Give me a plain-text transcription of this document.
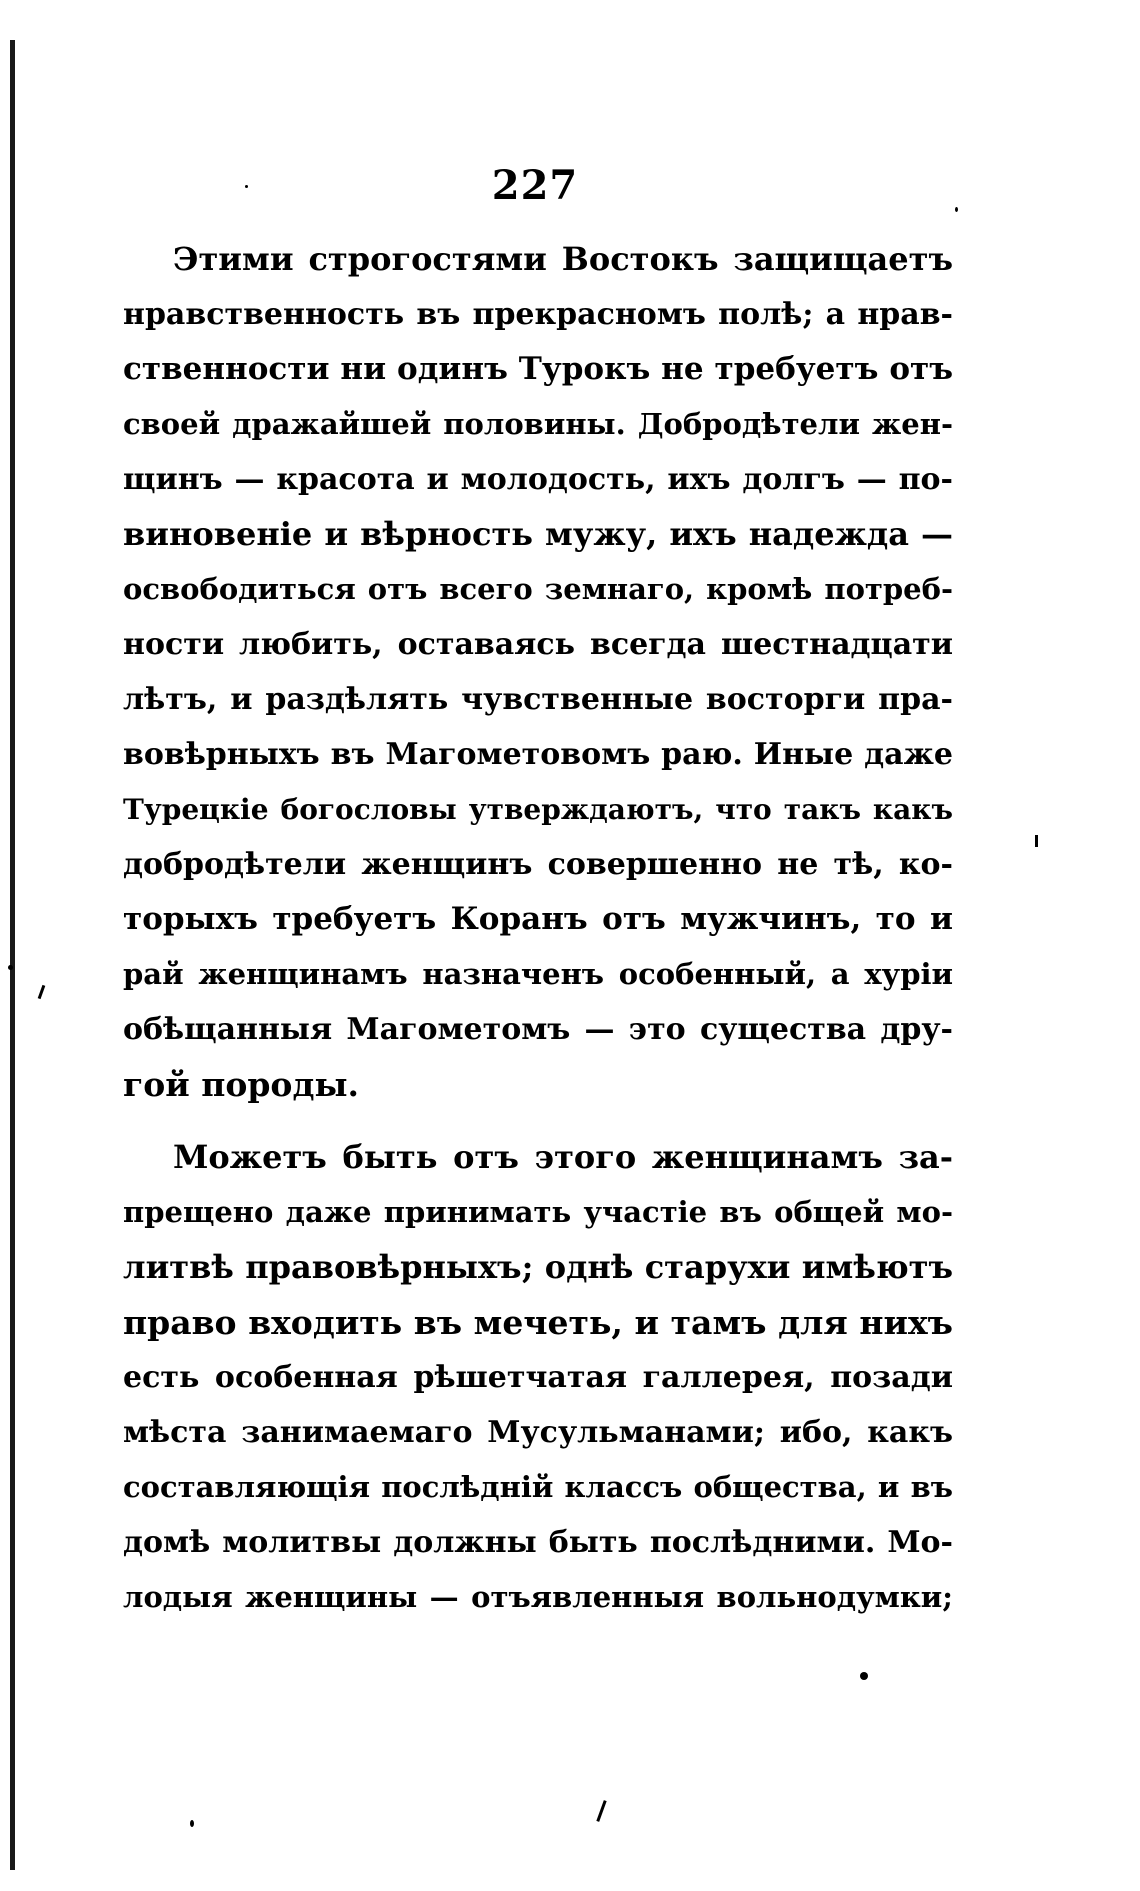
227
Этими строгостями Востокъ защищаетъ
нравственность въ прекрасномъ полѣ; а нрав-
ственности ни одинъ Турокъ не требуетъ отъ
своей дражайшей половины. Добродѣтели жен-
щинъ — красота и молодость, ихъ долгъ — по-
виновеніе и вѣрность мужу, ихъ надежда —
освободиться отъ всего земнаго, кромѣ потреб-
ности любить, оставаясь всегда шестнадцати
лѣтъ, и раздѣлять чувственные восторги пра-
вовѣрныхъ въ Магометовомъ раю. Иные даже
Турецкіе богословы утверждаютъ, что такъ какъ
добродѣтели женщинъ совершенно не тѣ, ко-
торыхъ требуетъ Коранъ отъ мужчинъ, то и
рай женщинамъ назначенъ особенный, а хуріи
обѣщанныя Магометомъ — это существа дру-
гой породы.
Можетъ быть отъ этого женщинамъ за-
прещено даже принимать участіе въ общей мо-
литвѣ правовѣрныхъ; однѣ старухи имѣютъ
право входить въ мечеть, и тамъ для нихъ
есть особенная рѣшетчатая галлерея, позади
мѣста занимаемаго Мусульманами; ибо, какъ
составляющія послѣдній классъ общества, и въ
домѣ молитвы должны быть послѣдними. Мо-
лодыя женщины — отъявленныя вольнодумки;
